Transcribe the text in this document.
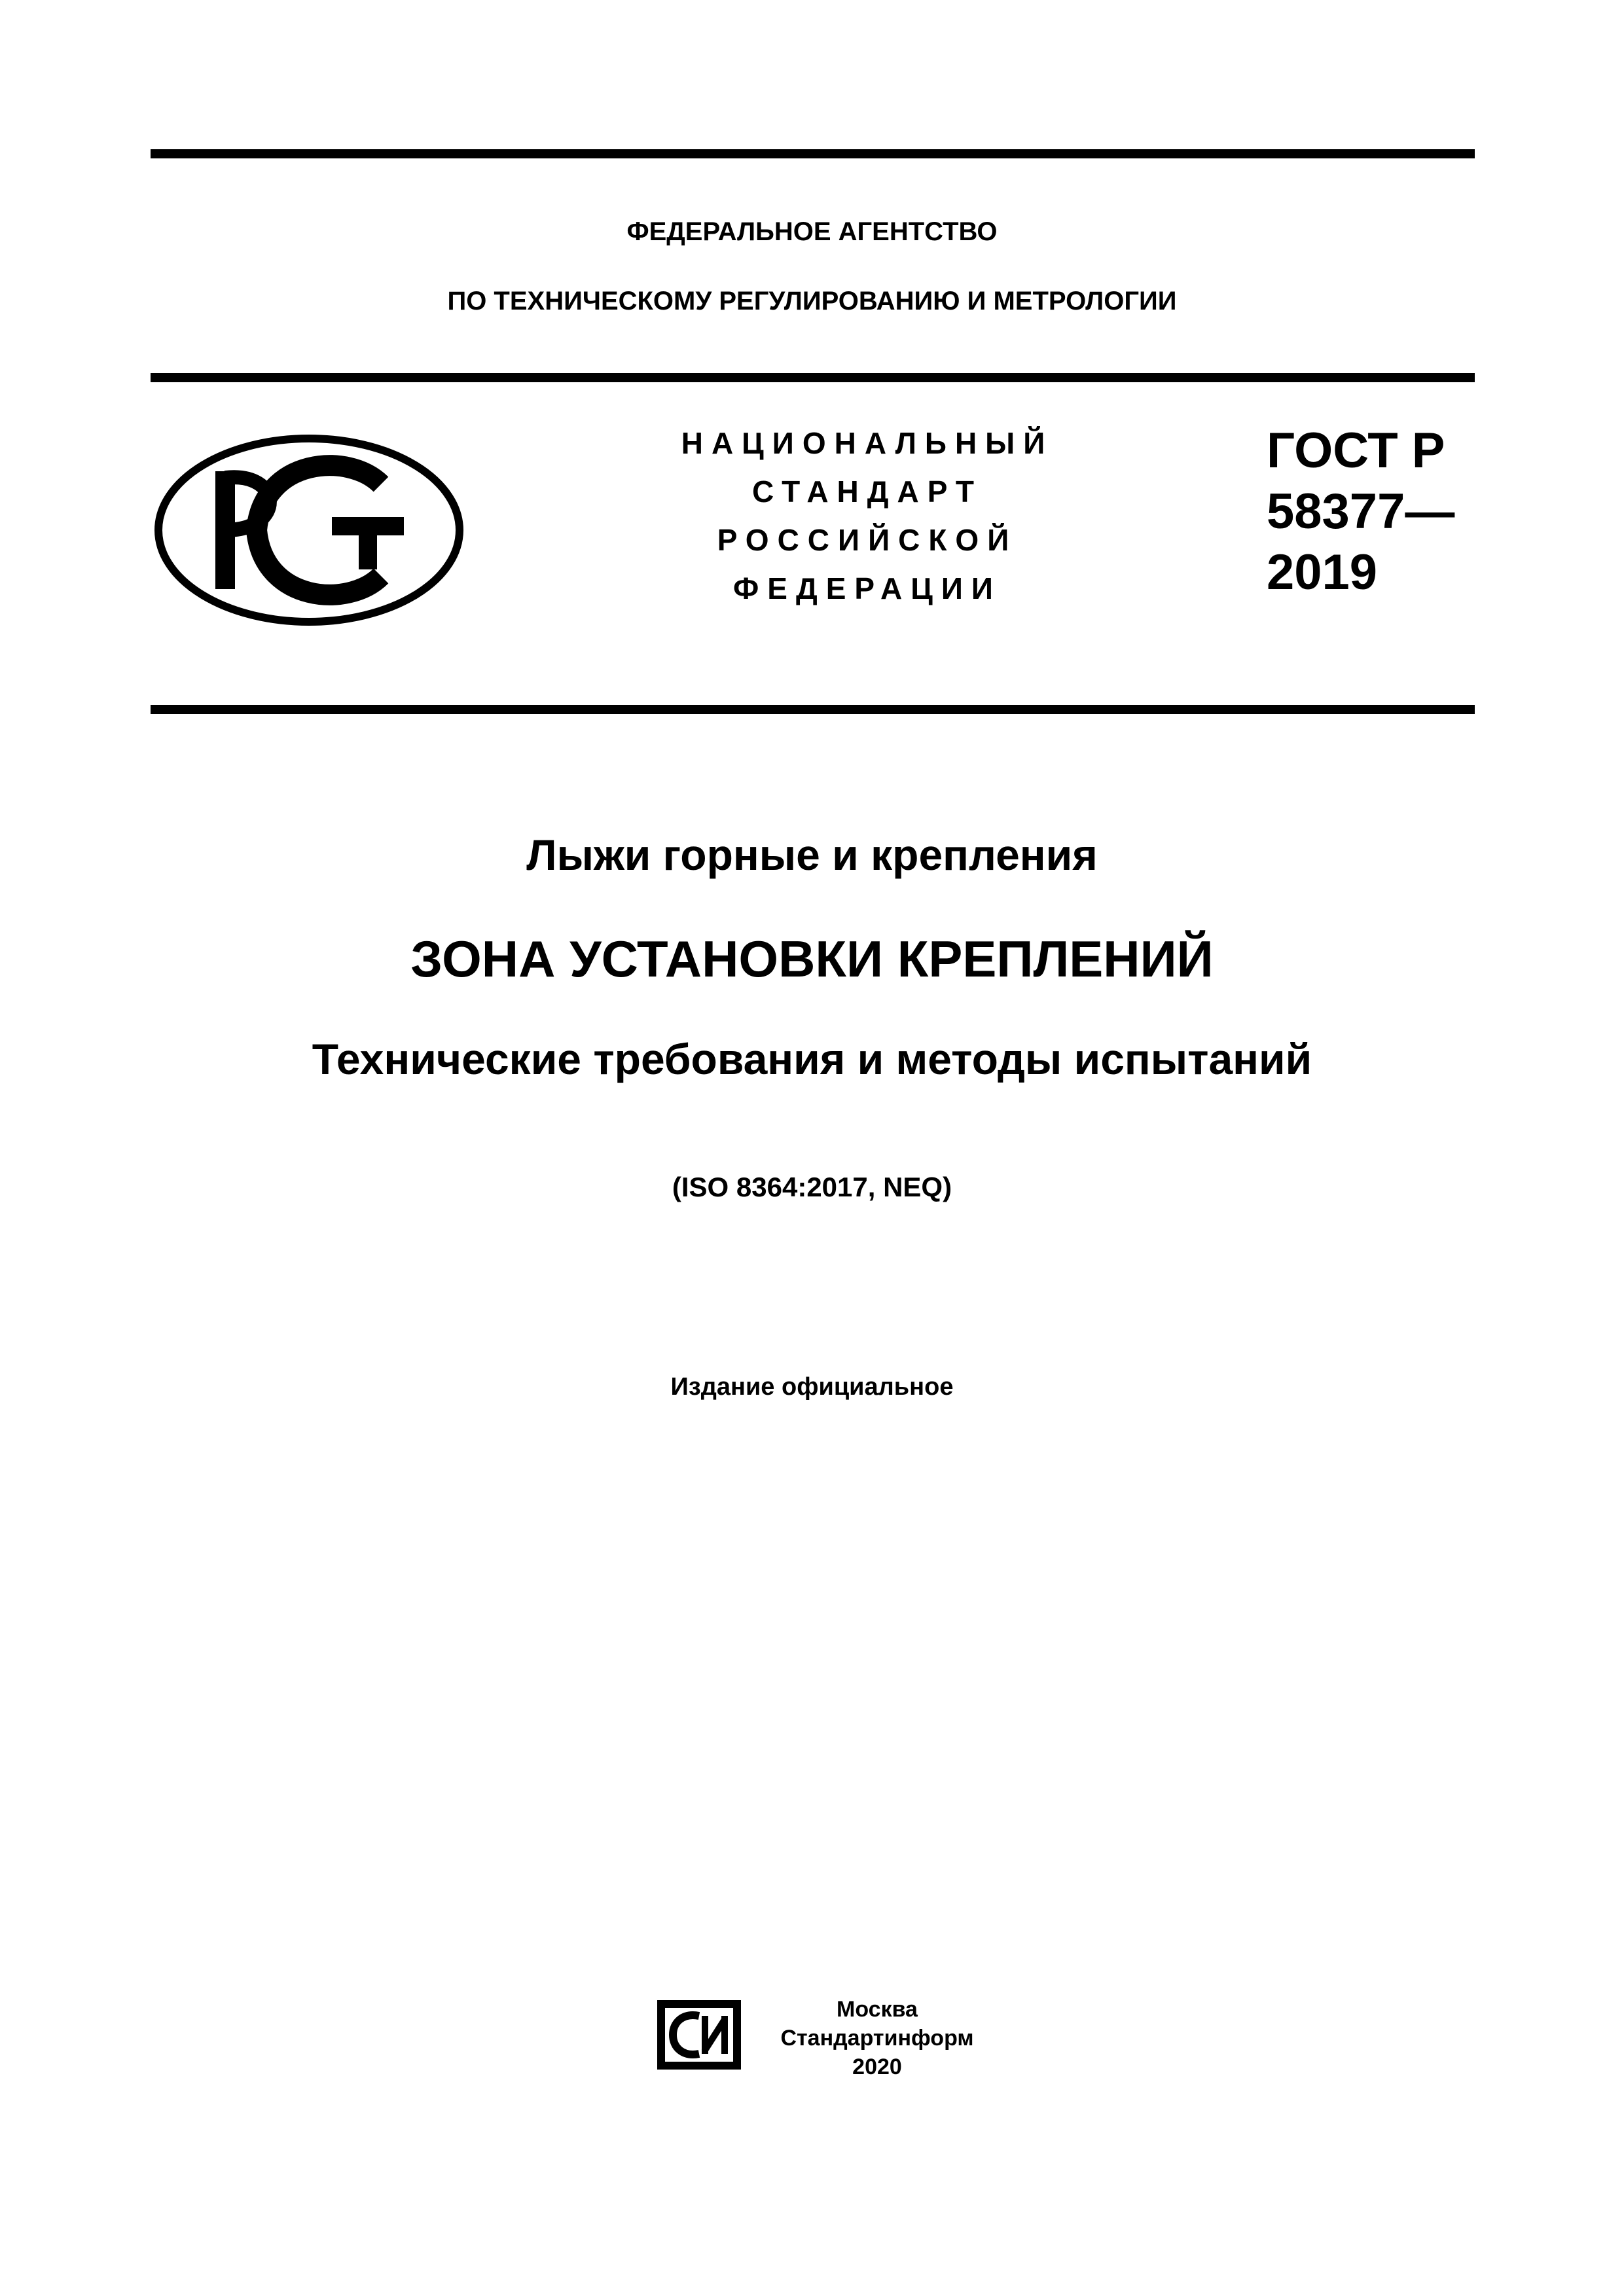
ФЕДЕРАЛЬНОЕ АГЕНТСТВО
ПО ТЕХНИЧЕСКОМУ РЕГУЛИРОВАНИЮ И МЕТРОЛОГИИ
НАЦИОНАЛЬНЫЙ
СТАНДАРТ
РОССИЙСКОЙ
ФЕДЕРАЦИИ
ГОСТ Р
58377—
2019
Лыжи горные и крепления
ЗОНА УСТАНОВКИ КРЕПЛЕНИЙ
Технические требования и методы испытаний
(ISO 8364:2017, NEQ)
Издание официальное
Москва
Стандартинформ
2020
